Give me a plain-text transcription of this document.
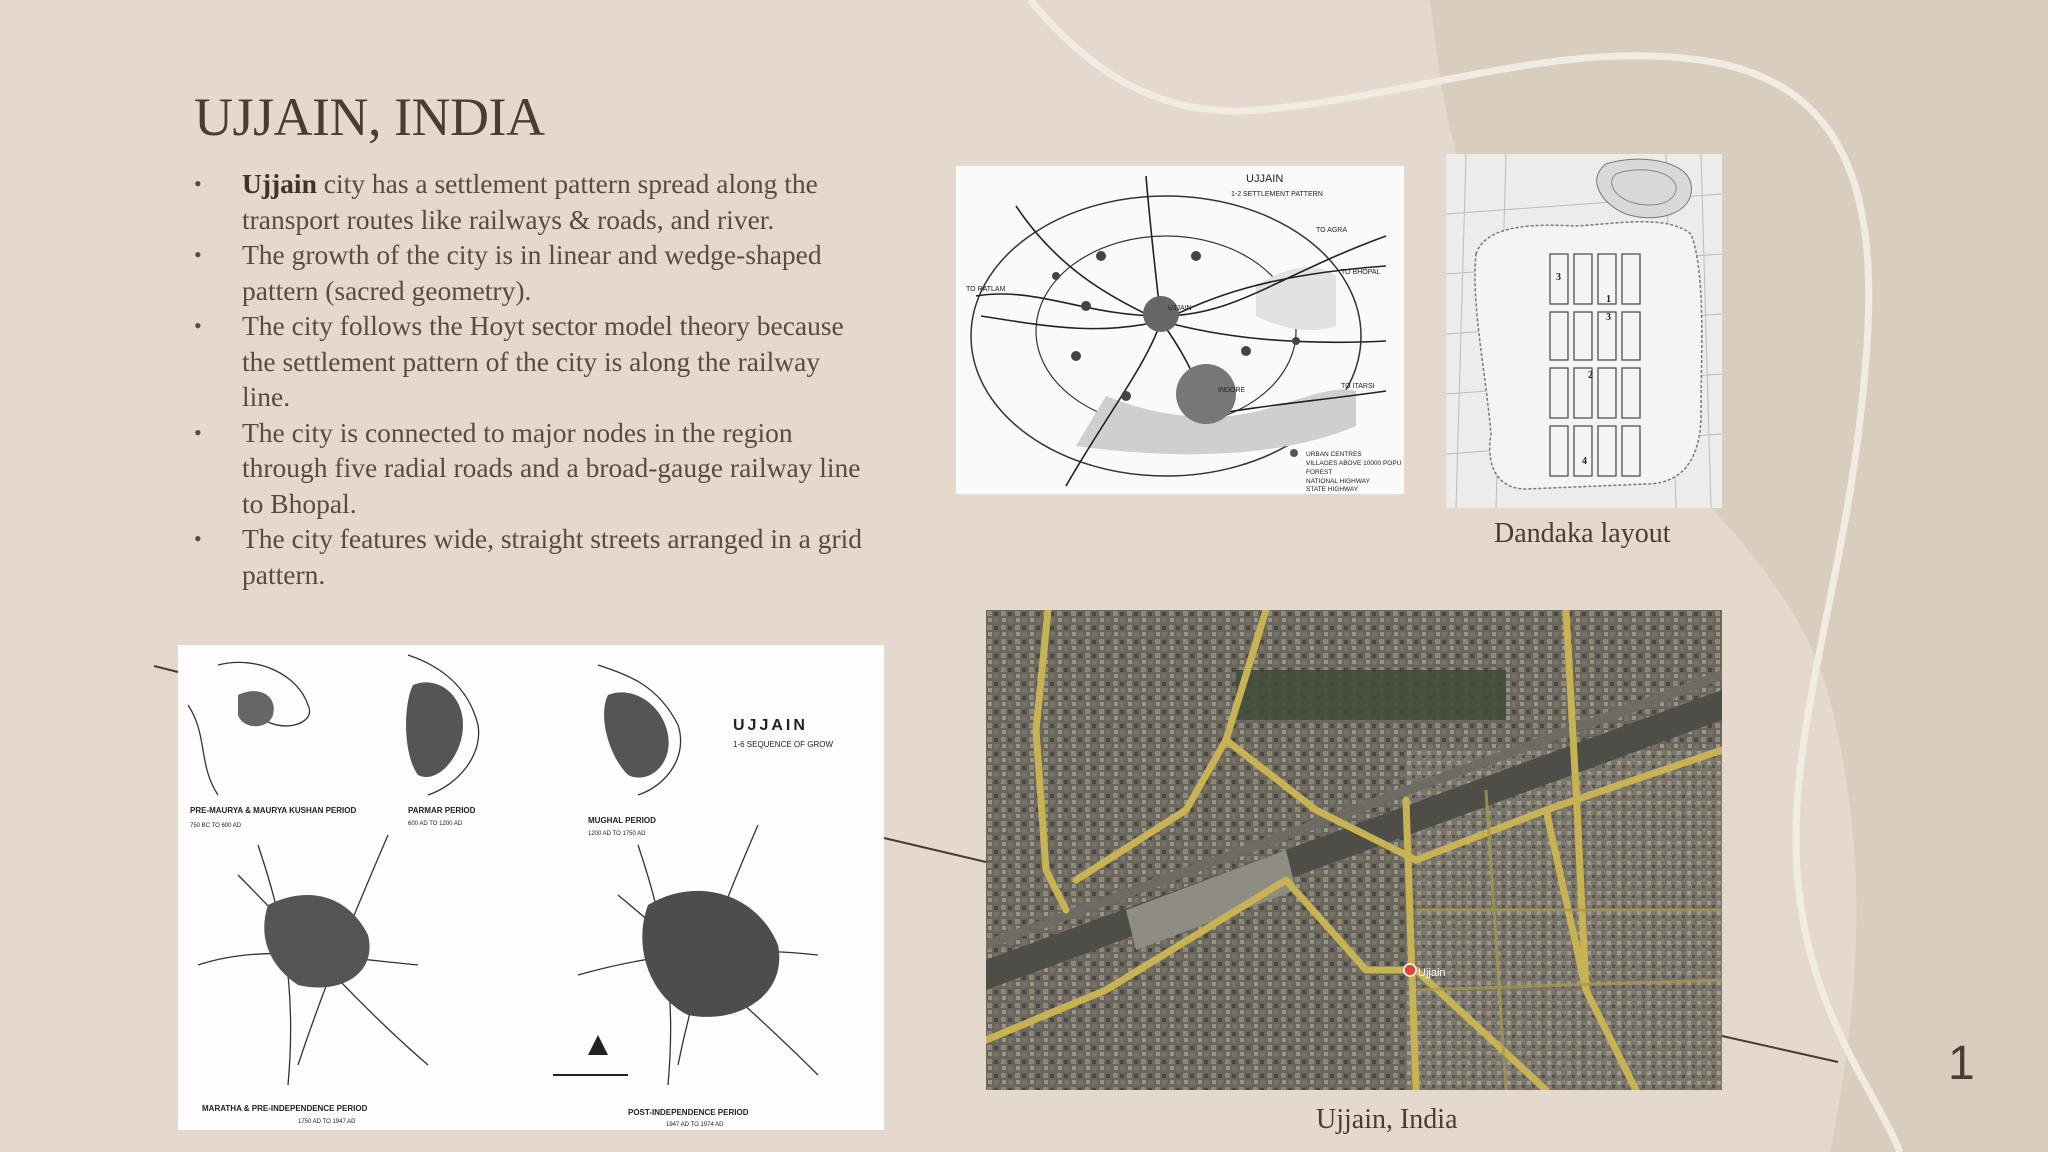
UJJAIN, INDIA
• Ujjain city has a settlement pattern spread along the transport routes like railways & roads, and river.
• The growth of the city is in linear and wedge-shaped pattern (sacred geometry).
• The city follows the Hoyt sector model theory because the settlement pattern of the city is along the railway line.
• The city is connected to major nodes in the region through five radial roads and a broad-gauge railway line to Bhopal.
• The city features wide, straight streets arranged in a grid pattern.
UJJAIN
1-2 SETTLEMENT PATTERN
TO RATLAM
TO AGRA
TO BHOPAL
TO ITARSI
INDORE
UJJAIN
URBAN CENTRES
VILLAGES ABOVE 10000 POPU
FOREST
NATIONAL HIGHWAY
STATE HIGHWAY
3
1
3
2
4
Dandaka layout
Ujjain
Ujjain, India
UJJAIN
1-6 SEQUENCE OF GROW
PRE-MAURYA & MAURYA KUSHAN PERIOD
750 BC TO 600 AD
PARMAR PERIOD
600 AD TO 1200 AD	MUGHAL PERIOD
1200 AD TO 1750 AD
MARATHA & PRE-INDEPENDENCE PERIOD
1750 AD TO 1947 AD
POST-INDEPENDENCE PERIOD
1947 AD TO 1974 AD
1
